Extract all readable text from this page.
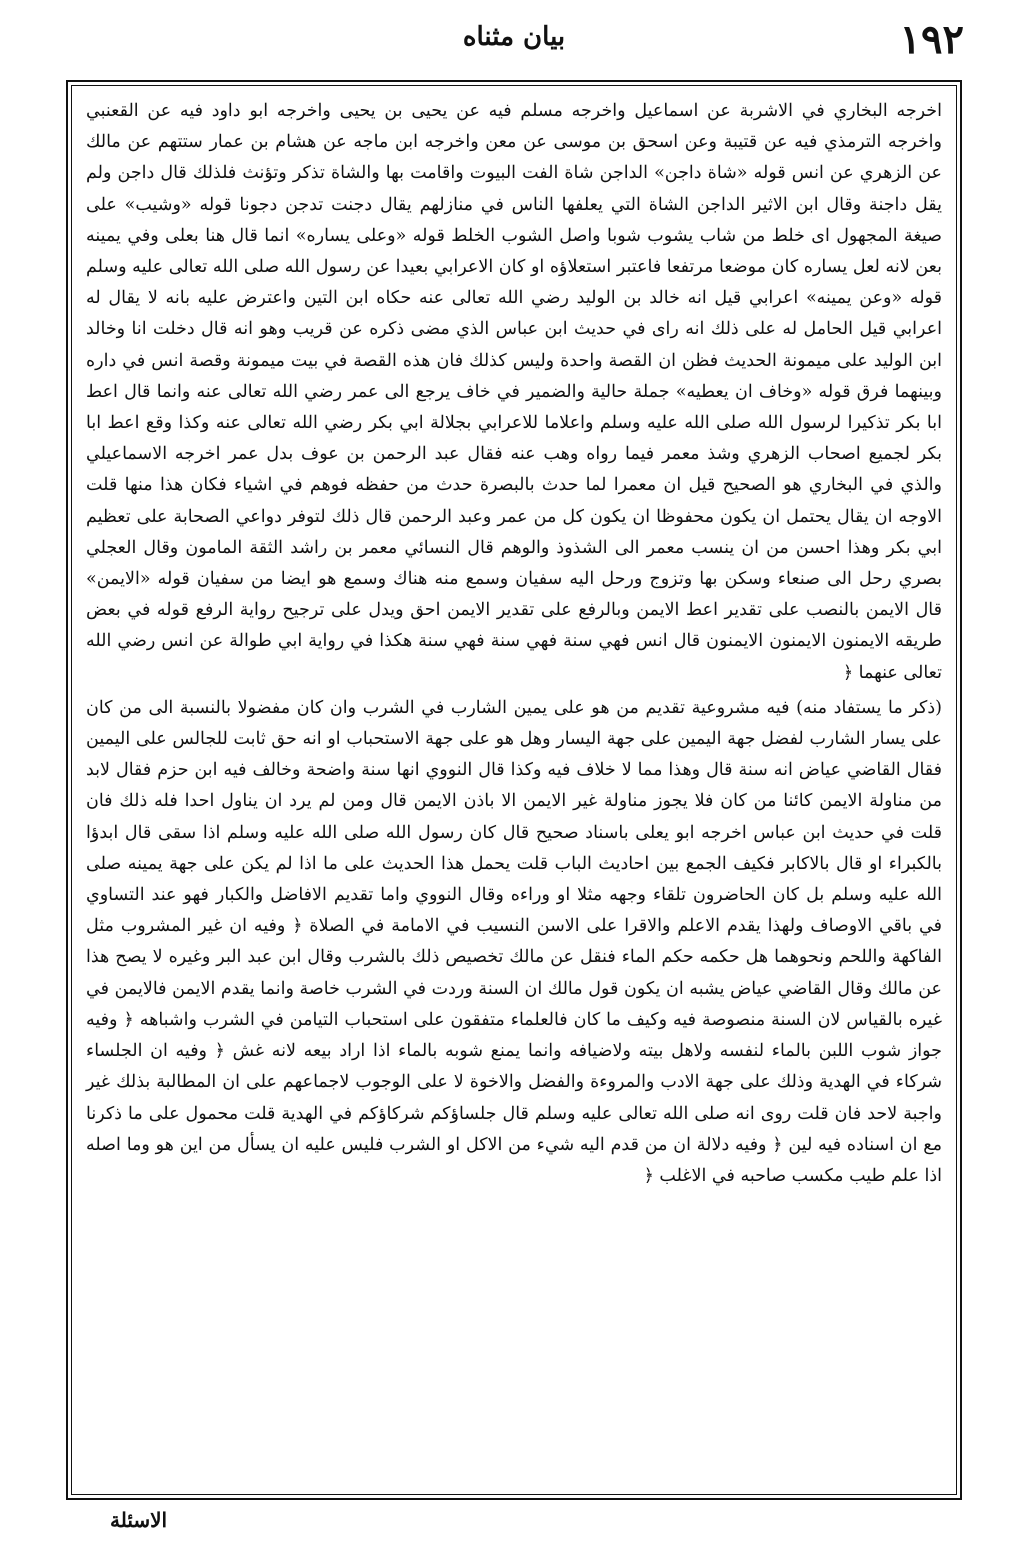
١٩٢
بيان مثناه

اخرجه البخاري في الاشربة عن اسماعيل واخرجه مسلم فيه عن يحيى بن يحيى واخرجه ابو داود فيه عن القعنبي واخرجه الترمذي فيه عن قتيبة وعن اسحق بن موسى عن معن واخرجه ابن ماجه عن هشام بن عمار ستتهم عن مالك عن الزهري عن انس قوله «شاة داجن» الداجن شاة الفت البيوت واقامت بها والشاة تذكر وتؤنث فلذلك قال داجن ولم يقل داجنة وقال ابن الاثير الداجن الشاة التي يعلفها الناس في منازلهم يقال دجنت تدجن دجونا قوله «وشيب» على صيغة المجهول اى خلط من شاب يشوب شوبا واصل الشوب الخلط قوله «وعلى يساره» انما قال هنا بعلى وفي يمينه بعن لانه لعل يساره كان موضعا مرتفعا فاعتبر استعلاؤه او كان الاعرابي بعيدا عن رسول الله صلى الله تعالى عليه وسلم قوله «وعن يمينه» اعرابي قيل انه خالد بن الوليد رضي الله تعالى عنه حكاه ابن التين واعترض عليه بانه لا يقال له اعرابي قيل الحامل له على ذلك انه راى في حديث ابن عباس الذي مضى ذكره عن قريب وهو انه قال دخلت انا وخالد ابن الوليد على ميمونة الحديث فظن ان القصة واحدة وليس كذلك فان هذه القصة في بيت ميمونة وقصة انس في داره وبينهما فرق قوله «وخاف ان يعطيه» جملة حالية والضمير في خاف يرجع الى عمر رضي الله تعالى عنه وانما قال اعط ابا بكر تذكيرا لرسول الله صلى الله عليه وسلم واعلاما للاعرابي بجلالة ابي بكر رضي الله تعالى عنه وكذا وقع اعط ابا بكر لجميع اصحاب الزهري وشذ معمر فيما رواه وهب عنه فقال عبد الرحمن بن عوف بدل عمر اخرجه الاسماعيلي والذي في البخاري هو الصحيح قيل ان معمرا لما حدث بالبصرة حدث من حفظه فوهم في اشياء فكان هذا منها قلت الاوجه ان يقال يحتمل ان يكون محفوظا ان يكون كل من عمر وعبد الرحمن قال ذلك لتوفر دواعي الصحابة على تعظيم ابي بكر وهذا احسن من ان ينسب معمر الى الشذوذ والوهم قال النسائي معمر بن راشد الثقة المامون وقال العجلي بصري رحل الى صنعاء وسكن بها وتزوج ورحل اليه سفيان وسمع منه هناك وسمع هو ايضا من سفيان قوله «الايمن» قال الايمن بالنصب على تقدير اعط الايمن وبالرفع على تقدير الايمن احق ويدل على ترجيح رواية الرفع قوله في بعض طريقه الايمنون الايمنون الايمنون قال انس فهي سنة فهي سنة فهي سنة هكذا في رواية ابي طوالة عن انس رضي الله تعالى عنهما ﴿

(ذكر ما يستفاد منه) فيه مشروعية تقديم من هو على يمين الشارب في الشرب وان كان مفضولا بالنسبة الى من كان على يسار الشارب لفضل جهة اليمين على جهة اليسار وهل هو على جهة الاستحباب او انه حق ثابت للجالس على اليمين فقال القاضي عياض انه سنة قال وهذا مما لا خلاف فيه وكذا قال النووي انها سنة واضحة وخالف فيه ابن حزم فقال لابد من مناولة الايمن كائنا من كان فلا يجوز مناولة غير الايمن الا باذن الايمن قال ومن لم يرد ان يناول احدا فله ذلك فان قلت في حديث ابن عباس اخرجه ابو يعلى باسناد صحيح قال كان رسول الله صلى الله عليه وسلم اذا سقى قال ابدؤا بالكبراء او قال بالاكابر فكيف الجمع بين احاديث الباب قلت يحمل هذا الحديث على ما اذا لم يكن على جهة يمينه صلى الله عليه وسلم بل كان الحاضرون تلقاء وجهه مثلا او وراءه وقال النووي واما تقديم الافاضل والكبار فهو عند التساوي في باقي الاوصاف ولهذا يقدم الاعلم والاقرا على الاسن النسيب في الامامة في الصلاة ﴿ وفيه ان غير المشروب مثل الفاكهة واللحم ونحوهما هل حكمه حكم الماء فنقل عن مالك تخصيص ذلك بالشرب وقال ابن عبد البر وغيره لا يصح هذا عن مالك وقال القاضي عياض يشبه ان يكون قول مالك ان السنة وردت في الشرب خاصة وانما يقدم الايمن فالايمن في غيره بالقياس لان السنة منصوصة فيه وكيف ما كان فالعلماء متفقون على استحباب التيامن في الشرب واشباهه ﴿ وفيه جواز شوب اللبن بالماء لنفسه ولاهل بيته ولاضيافه وانما يمنع شوبه بالماء اذا اراد بيعه لانه غش ﴿ وفيه ان الجلساء شركاء في الهدية وذلك على جهة الادب والمروءة والفضل والاخوة لا على الوجوب لاجماعهم على ان المطالبة بذلك غير واجبة لاحد فان قلت روى انه صلى الله تعالى عليه وسلم قال جلساؤكم شركاؤكم في الهدية قلت محمول على ما ذكرنا مع ان اسناده فيه لين ﴿ وفيه دلالة ان من قدم اليه شيء من الاكل او الشرب فليس عليه ان يسأل من اين هو وما اصله اذا علم طيب مكسب صاحبه في الاغلب ﴿

الاسئلة
